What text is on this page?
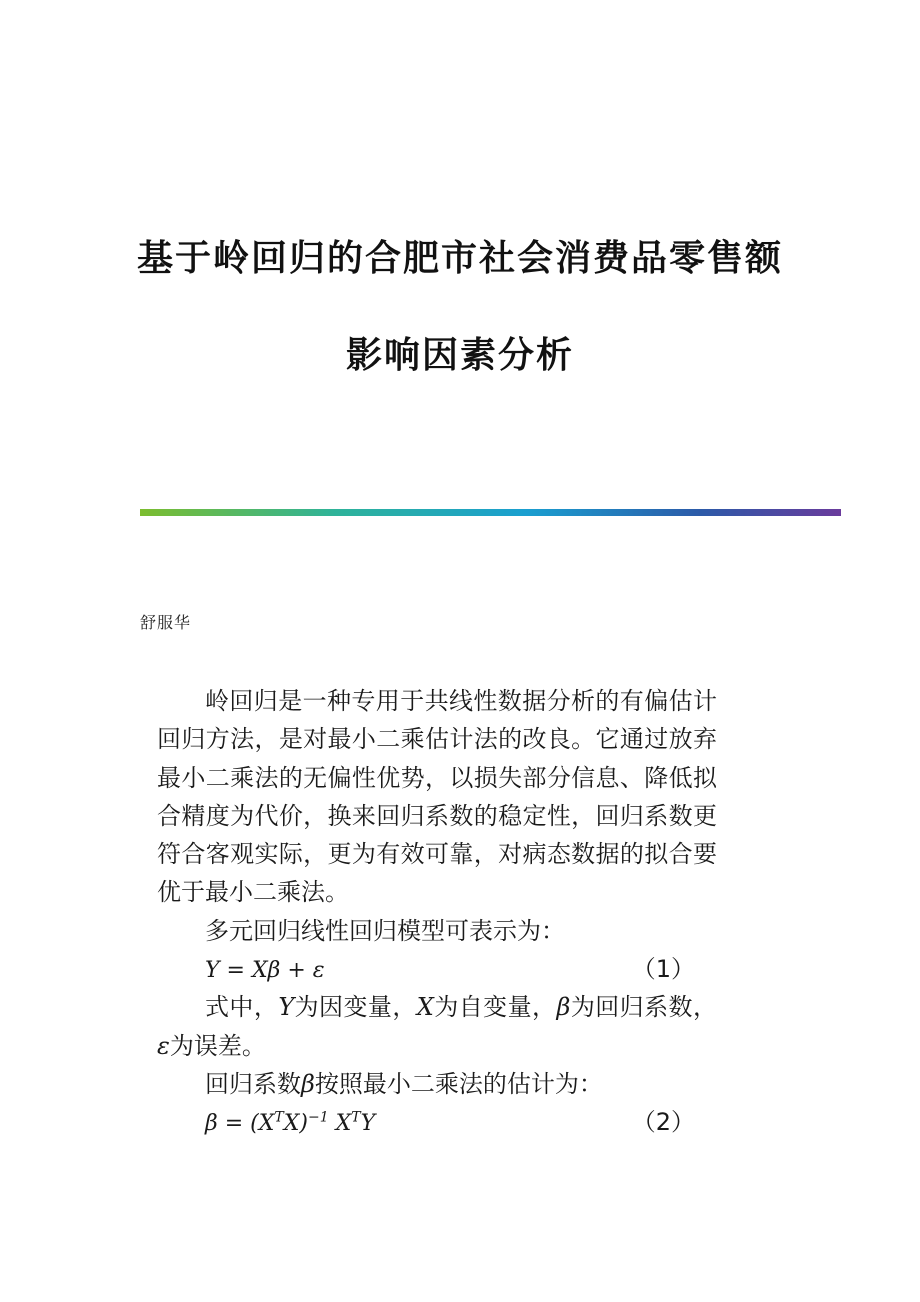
基于岭回归的合肥市社会消费品零售额
影响因素分析
舒服华

岭回归是一种专用于共线性数据分析的有偏估计回归方法，是对最小二乘估计法的改良。它通过放弃最小二乘法的无偏性优势，以损失部分信息、降低拟合精度为代价，换来回归系数的稳定性，回归系数更符合客观实际，更为有效可靠，对病态数据的拟合要优于最小二乘法。

多元回归线性回归模型可表示为：

Y = Xβ + ε	（1）

式中，Y为因变量，X为自变量，β为回归系数，ε为误差。

回归系数β按照最小二乘法的估计为：

$\beta = (X^TX)^{-1}$ $X^TY$	（2）
